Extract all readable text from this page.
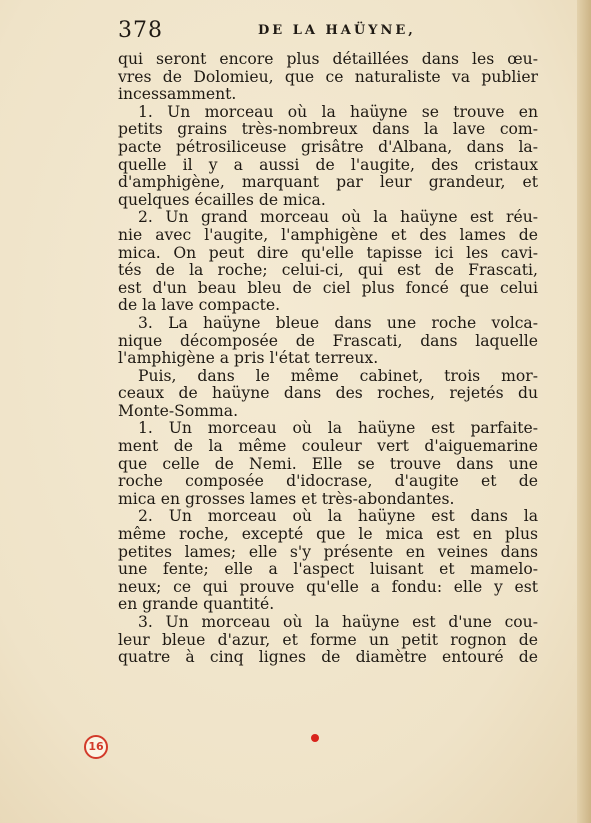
378	DE LA HAÜYNE,
qui seront encore plus détaillées dans les œu-
vres de Dolomieu, que ce naturaliste va publier
incessamment.
1. Un morceau où la haüyne se trouve en
petits grains très-nombreux dans la lave com-
pacte pétrosiliceuse grisâtre d'Albana, dans la-
quelle il y a aussi de l'augite, des cristaux
d'amphigène, marquant par leur grandeur, et
quelques écailles de mica.
2. Un grand morceau où la haüyne est réu-
nie avec l'augite, l'amphigène et des lames de
mica. On peut dire qu'elle tapisse ici les cavi-
tés de la roche; celui-ci, qui est de Frascati,
est d'un beau bleu de ciel plus foncé que celui
de la lave compacte.
3. La haüyne bleue dans une roche volca-
nique décomposée de Frascati, dans laquelle
l'amphigène a pris l'état terreux.
Puis, dans le même cabinet, trois mor-
ceaux de haüyne dans des roches, rejetés du
Monte-Somma.
1. Un morceau où la haüyne est parfaite-
ment de la même couleur vert d'aiguemarine
que celle de Nemi. Elle se trouve dans une
roche composée d'idocrase, d'augite et de
mica en grosses lames et très-abondantes.
2. Un morceau où la haüyne est dans la
même roche, excepté que le mica est en plus
petites lames; elle s'y présente en veines dans
une fente; elle a l'aspect luisant et mamelo-
neux; ce qui prouve qu'elle a fondu: elle y est
en grande quantité.
3. Un morceau où la haüyne est d'une cou-
leur bleue d'azur, et forme un petit rognon de
quatre à cinq lignes de diamètre entouré de
16
